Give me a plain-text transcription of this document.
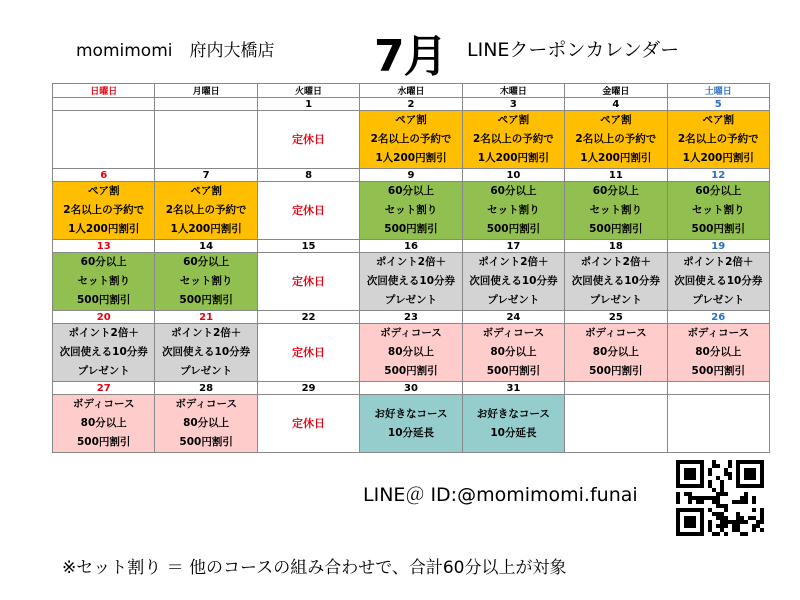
momimomi　府内大橋店 7月 LINEクーポンカレンダー
日曜日	月曜日	火曜日	水曜日	木曜日	金曜日	土曜日
		1	2	3	4	5

		定休日	ペア割
2名以上の予約で
1人200円割引	ペア割
2名以上の予約で
1人200円割引	ペア割
2名以上の予約で
1人200円割引	ペア割
2名以上の予約で
1人200円割引

6	7	8	9	10	11	12

ペア割
2名以上の予約で
1人200円割引	ペア割
2名以上の予約で
1人200円割引	定休日	60分以上
セット割り
500円割引	60分以上
セット割り
500円割引	60分以上
セット割り
500円割引	60分以上
セット割り
500円割引

13	14	15	16	17	18	19

60分以上
セット割り
500円割引	60分以上
セット割り
500円割引	定休日	ポイント2倍＋
次回使える10分券
プレゼント	ポイント2倍＋
次回使える10分券
プレゼント	ポイント2倍＋
次回使える10分券
プレゼント	ポイント2倍＋
次回使える10分券
プレゼント

20	21	22	23	24	25	26

ポイント2倍＋
次回使える10分券
プレゼント	ポイント2倍＋
次回使える10分券
プレゼント	定休日	ボディコース
80分以上
500円割引	ボディコース
80分以上
500円割引	ボディコース
80分以上
500円割引	ボディコース
80分以上
500円割引

27	28	29	30	31		

ボディコース
80分以上
500円割引	ボディコース
80分以上
500円割引	定休日	お好きなコース
10分延長	お好きなコース
10分延長		

LINE＠ ID:@momimomi.funai
※セット割り ＝ 他のコースの組み合わせで、合計60分以上が対象
